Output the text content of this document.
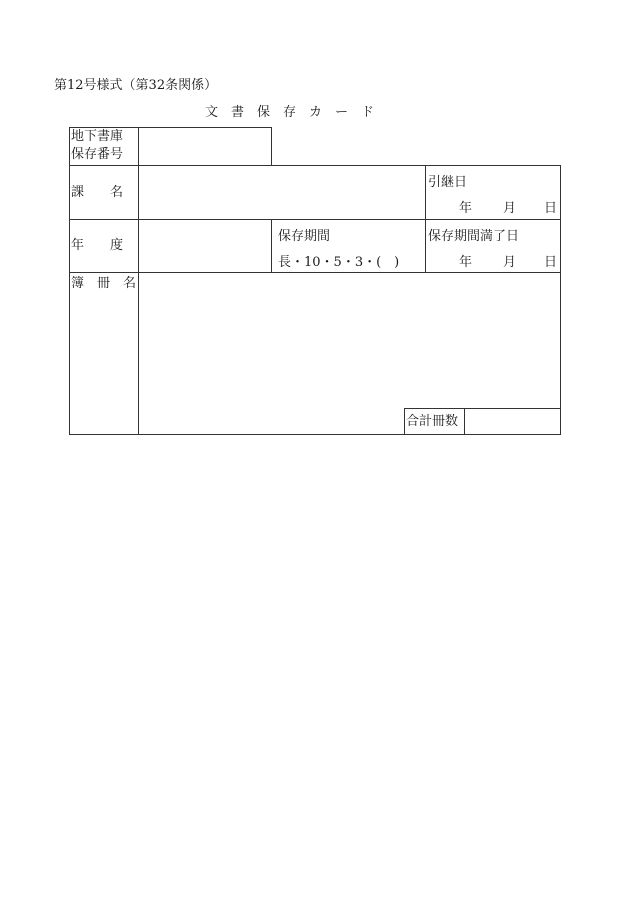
第12号様式（第32条関係）
文　書　保　存　カ　ー　ド
地下書庫
保存番号
課　　名
引継日
年 月 日
年　　度
保存期間
長・10・5・3・(　)
保存期間満了日
年 月 日
簿　冊　名
合計冊数
